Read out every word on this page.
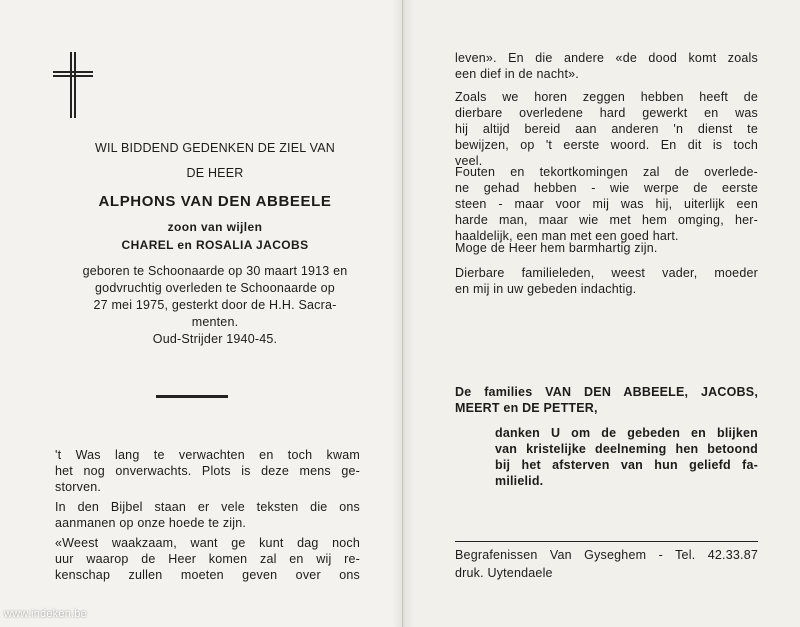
WIL BIDDEND GEDENKEN DE ZIEL VAN
DE HEER
ALPHONS VAN DEN ABBEELE
zoon van wijlen
CHAREL en ROSALIA JACOBS
geboren te Schoonaarde op 30 maart 1913 en
godvruchtig overleden te Schoonaarde op
27 mei 1975, gesterkt door de H.H. Sacra-
menten.
Oud-Strijder 1940-45.
't Was lang te verwachten en toch kwam
het nog onverwachts. Plots is deze mens ge-
storven.
In den Bijbel staan er vele teksten die ons
aanmanen op onze hoede te zijn.
«Weest waakzaam, want ge kunt dag noch
uur waarop de Heer komen zal en wij re-
kenschap zullen moeten geven over ons
leven». En die andere «de dood komt zoals
een dief in de nacht».
Zoals we horen zeggen hebben heeft de
dierbare overledene hard gewerkt en was
hij altijd bereid aan anderen 'n dienst te
bewijzen, op 't eerste woord. En dit is toch
veel.
Fouten en tekortkomingen zal de overlede-
ne gehad hebben - wie werpe de eerste
steen - maar voor mij was hij, uiterlijk een
harde man, maar wie met hem omging, her-
haaldelijk, een man met een goed hart.
Moge de Heer hem barmhartig zijn.
Dierbare familieleden, weest vader, moeder
en mij in uw gebeden indachtig.
De families VAN DEN ABBEELE, JACOBS,
MEERT en DE PETTER,
danken U om de gebeden en blijken
van kristelijke deelneming hen betoond
bij het afsterven van hun geliefd fa-
milielid.
Begrafenissen Van Gyseghem - Tel. 42.33.87
druk. Uytendaele
www.indeken.be
